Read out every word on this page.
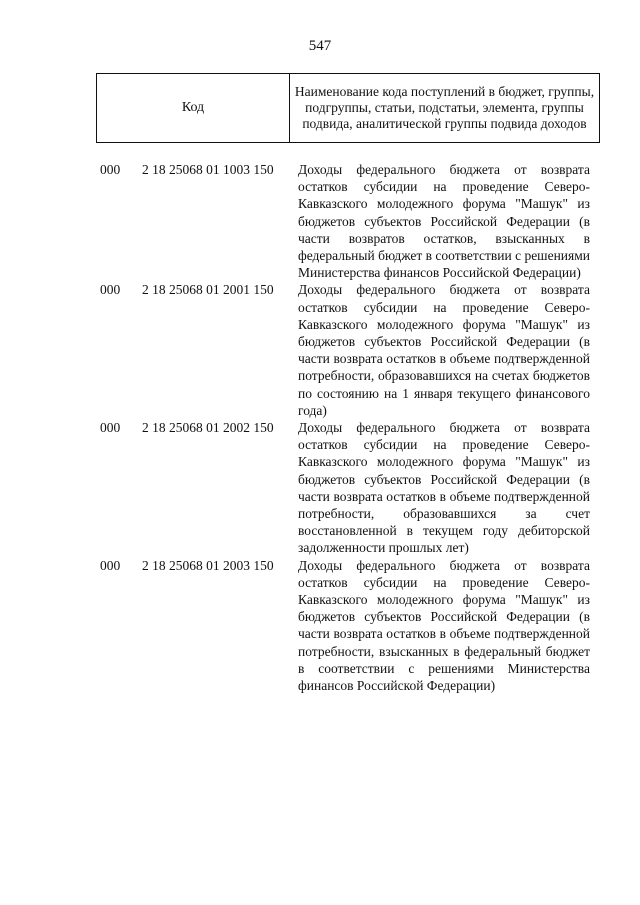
547
Код
Наименование кода поступлений в бюджет, группы, подгруппы, статьи, подстатьи, элемента, группы подвида, аналитической группы подвида доходов
000 2 18 25068 01 1003 150 Доходы федерального бюджета от возврата остатков субсидии на проведение Северо-Кавказского молодежного форума "Машук" из бюджетов субъектов Российской Федерации (в части возвратов остатков, взысканных в федеральный бюджет в соответствии с решениями Министерства финансов Российской Федерации)
000 2 18 25068 01 2001 150 Доходы федерального бюджета от возврата остатков субсидии на проведение Северо-Кавказского молодежного форума "Машук" из бюджетов субъектов Российской Федерации (в части возврата остатков в объеме подтвержденной потребности, образовавшихся на счетах бюджетов по состоянию на 1 января текущего финансового года)
000 2 18 25068 01 2002 150 Доходы федерального бюджета от возврата остатков субсидии на проведение Северо-Кавказского молодежного форума "Машук" из бюджетов субъектов Российской Федерации (в части возврата остатков в объеме подтвержденной потребности, образовавшихся за счет восстановленной в текущем году дебиторской задолженности прошлых лет)
000 2 18 25068 01 2003 150 Доходы федерального бюджета от возврата остатков субсидии на проведение Северо-Кавказского молодежного форума "Машук" из бюджетов субъектов Российской Федерации (в части возврата остатков в объеме подтвержденной потребности, взысканных в федеральный бюджет в соответствии с решениями Министерства финансов Российской Федерации)
